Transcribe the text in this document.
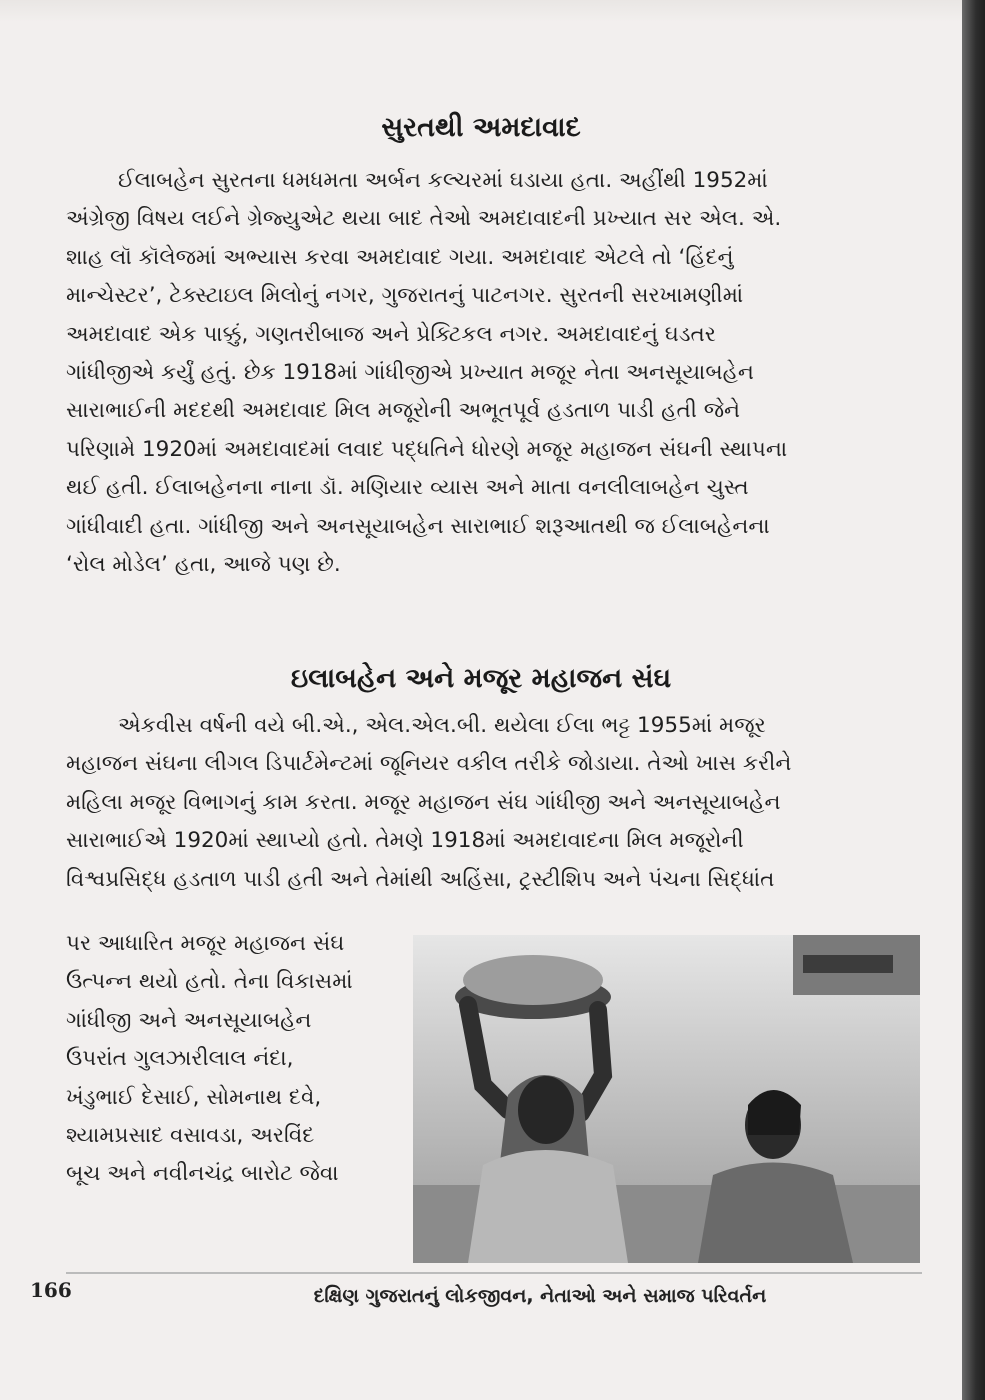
સુરતથી અમદાવાદ
ઈલાબહેન સુરતના ધમધમતા અર્બન કલ્ચરમાં ઘડાયા હતા. અહીંથી 1952માં
અંગ્રેજી વિષય લઈને ગ્રેજ્યુએટ થયા બાદ તેઓ અમદાવાદની પ્રખ્યાત સર એલ. એ.
શાહ લૉ કૉલેજમાં અભ્યાસ કરવા અમદાવાદ ગયા. અમદાવાદ એટલે તો ‘હિંદનું
માન્ચેસ્ટર’, ટેક્સ્ટાઇલ મિલોનું નગર, ગુજરાતનું પાટનગર. સુરતની સરખામણીમાં
અમદાવાદ એક પાક્કું, ગણતરીબાજ અને પ્રેક્ટિકલ નગર. અમદાવાદનું ઘડતર
ગાંધીજીએ કર્યું હતું. છેક 1918માં ગાંધીજીએ પ્રખ્યાત મજૂર નેતા અનસૂયાબહેન
સારાભાઈની મદદથી અમદાવાદ મિલ મજૂરોની અભૂતપૂર્વ હડતાળ પાડી હતી જેને
પરિણામે 1920માં અમદાવાદમાં લવાદ પદ્ધતિને ધોરણે મજૂર મહાજન સંઘની સ્થાપના
થઈ હતી. ઈલાબહેનના નાના ડૉ. મણિયાર વ્યાસ અને માતા વનલીલાબહેન ચુસ્ત
ગાંધીવાદી હતા. ગાંધીજી અને અનસૂયાબહેન સારાભાઈ શરૂઆતથી જ ઈલાબહેનના
‘રોલ મોડેલ’ હતા, આજે પણ છે.
ઇલાબહેન અને મજૂર મહાજન સંઘ
એકવીસ વર્ષની વયે બી.એ., એલ.એલ.બી. થયેલા ઈલા ભટ્ટ 1955માં મજૂર
મહાજન સંઘના લીગલ ડિપાર્ટમેન્ટમાં જૂનિયર વકીલ તરીકે જોડાયા. તેઓ ખાસ કરીને
મહિલા મજૂર વિભાગનું કામ કરતા. મજૂર મહાજન સંઘ ગાંધીજી અને અનસૂયાબહેન
સારાભાઈએ 1920માં સ્થાપ્યો હતો. તેમણે 1918માં અમદાવાદના મિલ મજૂરોની
વિશ્વપ્રસિદ્ધ હડતાળ પાડી હતી અને તેમાંથી અહિંસા, ટ્રસ્ટીશિપ અને પંચના સિદ્ધાંત
પર આધારિત મજૂર મહાજન સંઘ
ઉત્પન્ન થયો હતો. તેના વિકાસમાં
ગાંધીજી અને અનસૂયાબહેન
ઉપરાંત ગુલઝારીલાલ નંદા,
ખંડુભાઈ દેસાઈ, સોમનાથ દવે,
શ્યામપ્રસાદ વસાવડા, અરવિંદ
બૂચ અને નવીનચંદ્ર બારોટ જેવા
166	દક્ષિણ ગુજરાતનું લોકજીવન, નેતાઓ અને સમાજ પરિવર્તન
